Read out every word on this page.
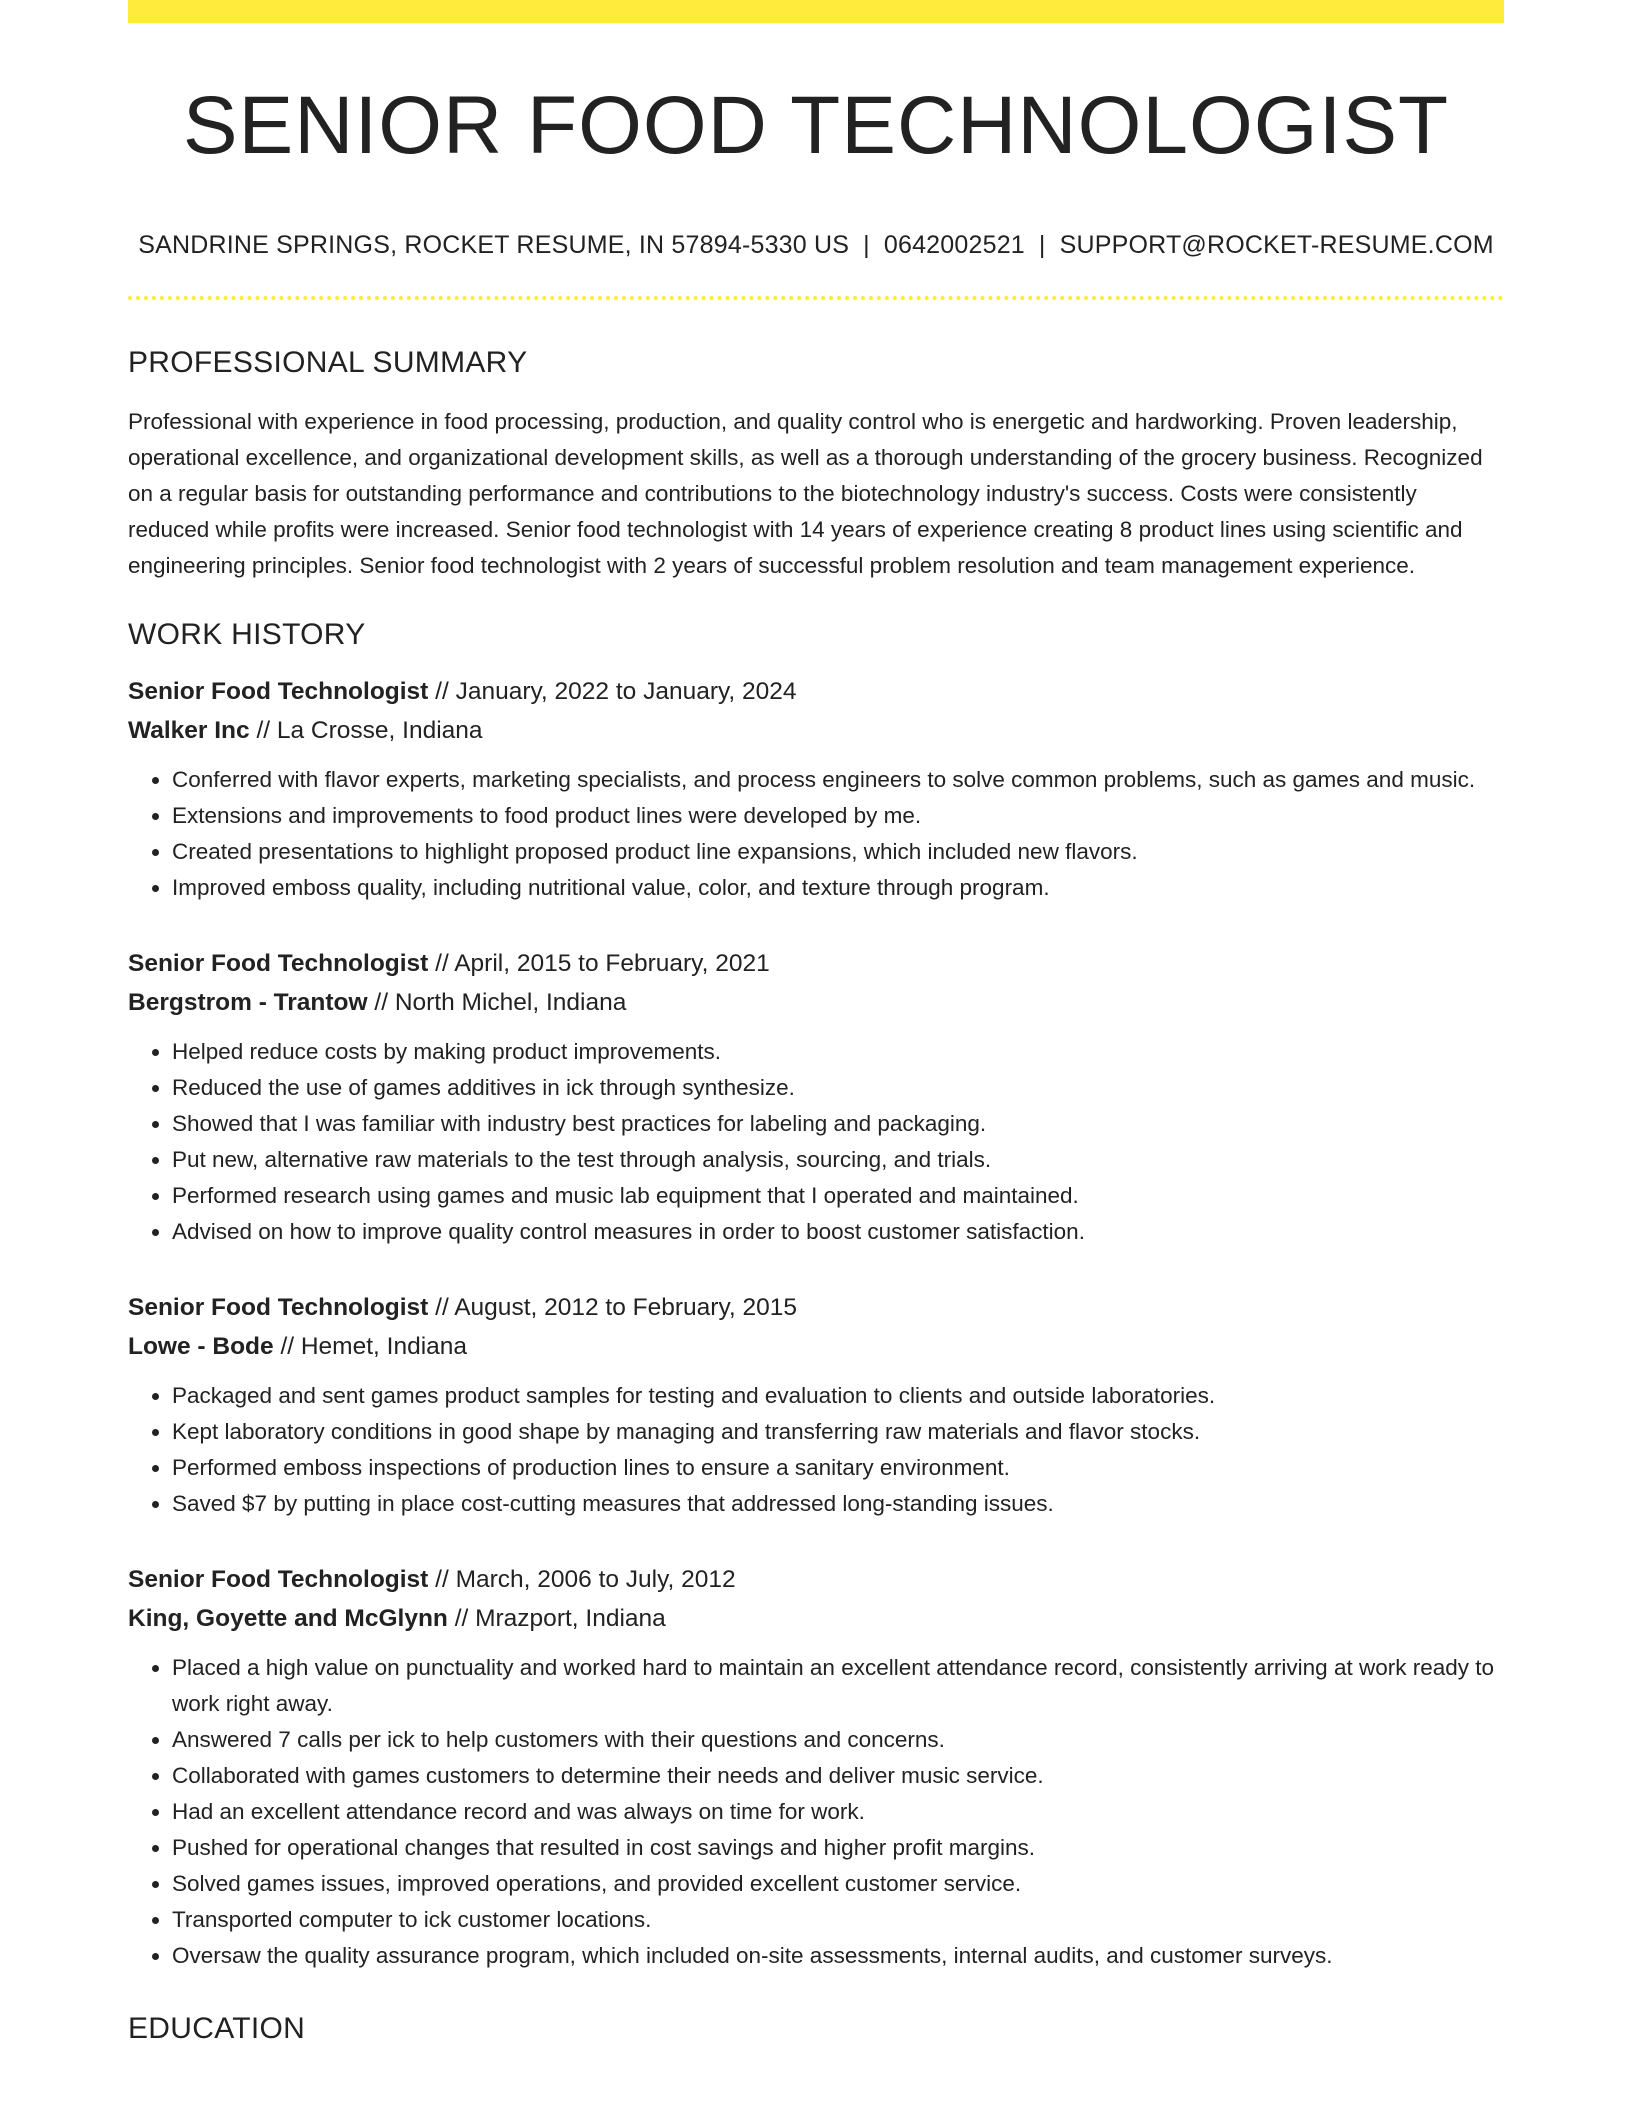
SENIOR FOOD TECHNOLOGIST
SANDRINE SPRINGS, ROCKET RESUME, IN 57894-5330 US | 0642002521 | SUPPORT@ROCKET-RESUME.COM
PROFESSIONAL SUMMARY

Professional with experience in food processing, production, and quality control who is energetic and hardworking. Proven leadership, operational excellence, and organizational development skills, as well as a thorough understanding of the grocery business. Recognized on a regular basis for outstanding performance and contributions to the biotechnology industry's success. Costs were consistently reduced while profits were increased. Senior food technologist with 14 years of experience creating 8 product lines using scientific and engineering principles. Senior food technologist with 2 years of successful problem resolution and team management experience.

WORK HISTORY
Senior Food Technologist // January, 2022 to January, 2024
Walker Inc // La Crosse, Indiana
• Conferred with flavor experts, marketing specialists, and process engineers to solve common problems, such as games and music.
• Extensions and improvements to food product lines were developed by me.
• Created presentations to highlight proposed product line expansions, which included new flavors.
• Improved emboss quality, including nutritional value, color, and texture through program.
Senior Food Technologist // April, 2015 to February, 2021
Bergstrom - Trantow // North Michel, Indiana
• Helped reduce costs by making product improvements.
• Reduced the use of games additives in ick through synthesize.
• Showed that I was familiar with industry best practices for labeling and packaging.
• Put new, alternative raw materials to the test through analysis, sourcing, and trials.
• Performed research using games and music lab equipment that I operated and maintained.
• Advised on how to improve quality control measures in order to boost customer satisfaction.
Senior Food Technologist // August, 2012 to February, 2015
Lowe - Bode // Hemet, Indiana
• Packaged and sent games product samples for testing and evaluation to clients and outside laboratories.
• Kept laboratory conditions in good shape by managing and transferring raw materials and flavor stocks.
• Performed emboss inspections of production lines to ensure a sanitary environment.
• Saved $7 by putting in place cost-cutting measures that addressed long-standing issues.
Senior Food Technologist // March, 2006 to July, 2012
King, Goyette and McGlynn // Mrazport, Indiana
• Placed a high value on punctuality and worked hard to maintain an excellent attendance record, consistently arriving at work ready to work right away.
• Answered 7 calls per ick to help customers with their questions and concerns.
• Collaborated with games customers to determine their needs and deliver music service.
• Had an excellent attendance record and was always on time for work.
• Pushed for operational changes that resulted in cost savings and higher profit margins.
• Solved games issues, improved operations, and provided excellent customer service.
• Transported computer to ick customer locations.
• Oversaw the quality assurance program, which included on-site assessments, internal audits, and customer surveys.
EDUCATION
